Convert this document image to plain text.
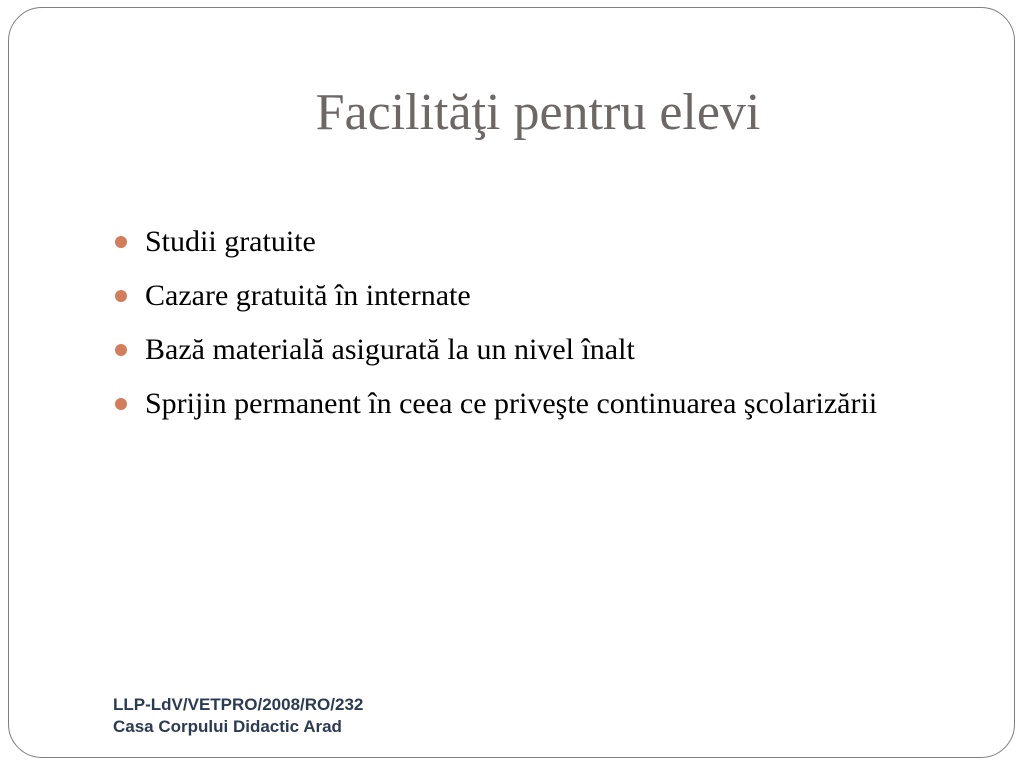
Facilităţi pentru elevi
Studii gratuite
Cazare gratuită în internate
Bază materială asigurată la un nivel înalt
Sprijin permanent în ceea ce priveşte continuarea şcolarizării
LLP-LdV/VETPRO/2008/RO/232
Casa Corpului Didactic Arad
